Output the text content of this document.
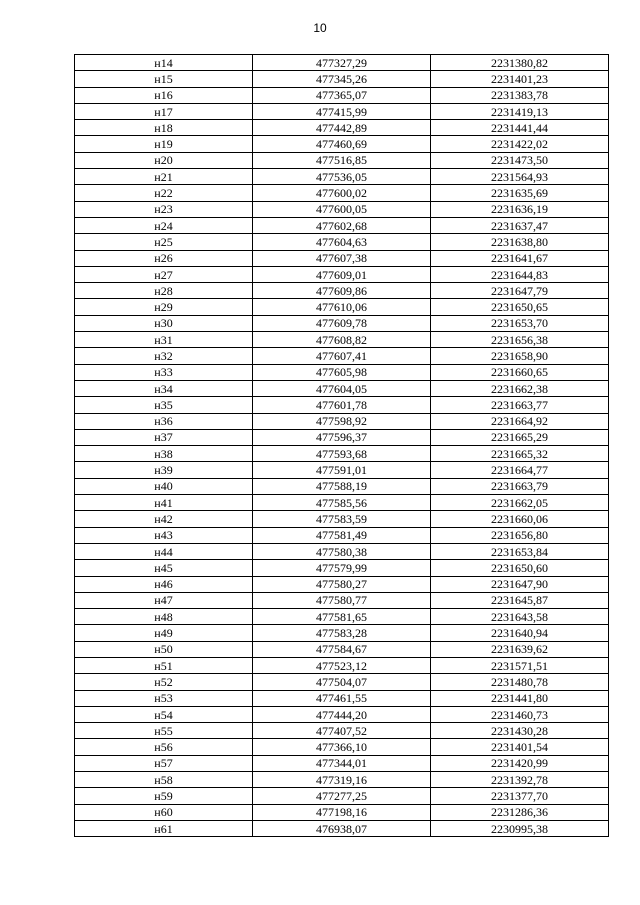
10
н14	477327,29	2231380,82
н15	477345,26	2231401,23
н16	477365,07	2231383,78
н17	477415,99	2231419,13
н18	477442,89	2231441,44
н19	477460,69	2231422,02
н20	477516,85	2231473,50
н21	477536,05	2231564,93
н22	477600,02	2231635,69
н23	477600,05	2231636,19
н24	477602,68	2231637,47
н25	477604,63	2231638,80
н26	477607,38	2231641,67
н27	477609,01	2231644,83
н28	477609,86	2231647,79
н29	477610,06	2231650,65
н30	477609,78	2231653,70
н31	477608,82	2231656,38
н32	477607,41	2231658,90
н33	477605,98	2231660,65
н34	477604,05	2231662,38
н35	477601,78	2231663,77
н36	477598,92	2231664,92
н37	477596,37	2231665,29
н38	477593,68	2231665,32
н39	477591,01	2231664,77
н40	477588,19	2231663,79
н41	477585,56	2231662,05
н42	477583,59	2231660,06
н43	477581,49	2231656,80
н44	477580,38	2231653,84
н45	477579,99	2231650,60
н46	477580,27	2231647,90
н47	477580,77	2231645,87
н48	477581,65	2231643,58
н49	477583,28	2231640,94
н50	477584,67	2231639,62
н51	477523,12	2231571,51
н52	477504,07	2231480,78
н53	477461,55	2231441,80
н54	477444,20	2231460,73
н55	477407,52	2231430,28
н56	477366,10	2231401,54
н57	477344,01	2231420,99
н58	477319,16	2231392,78
н59	477277,25	2231377,70
н60	477198,16	2231286,36
н61	476938,07	2230995,38
